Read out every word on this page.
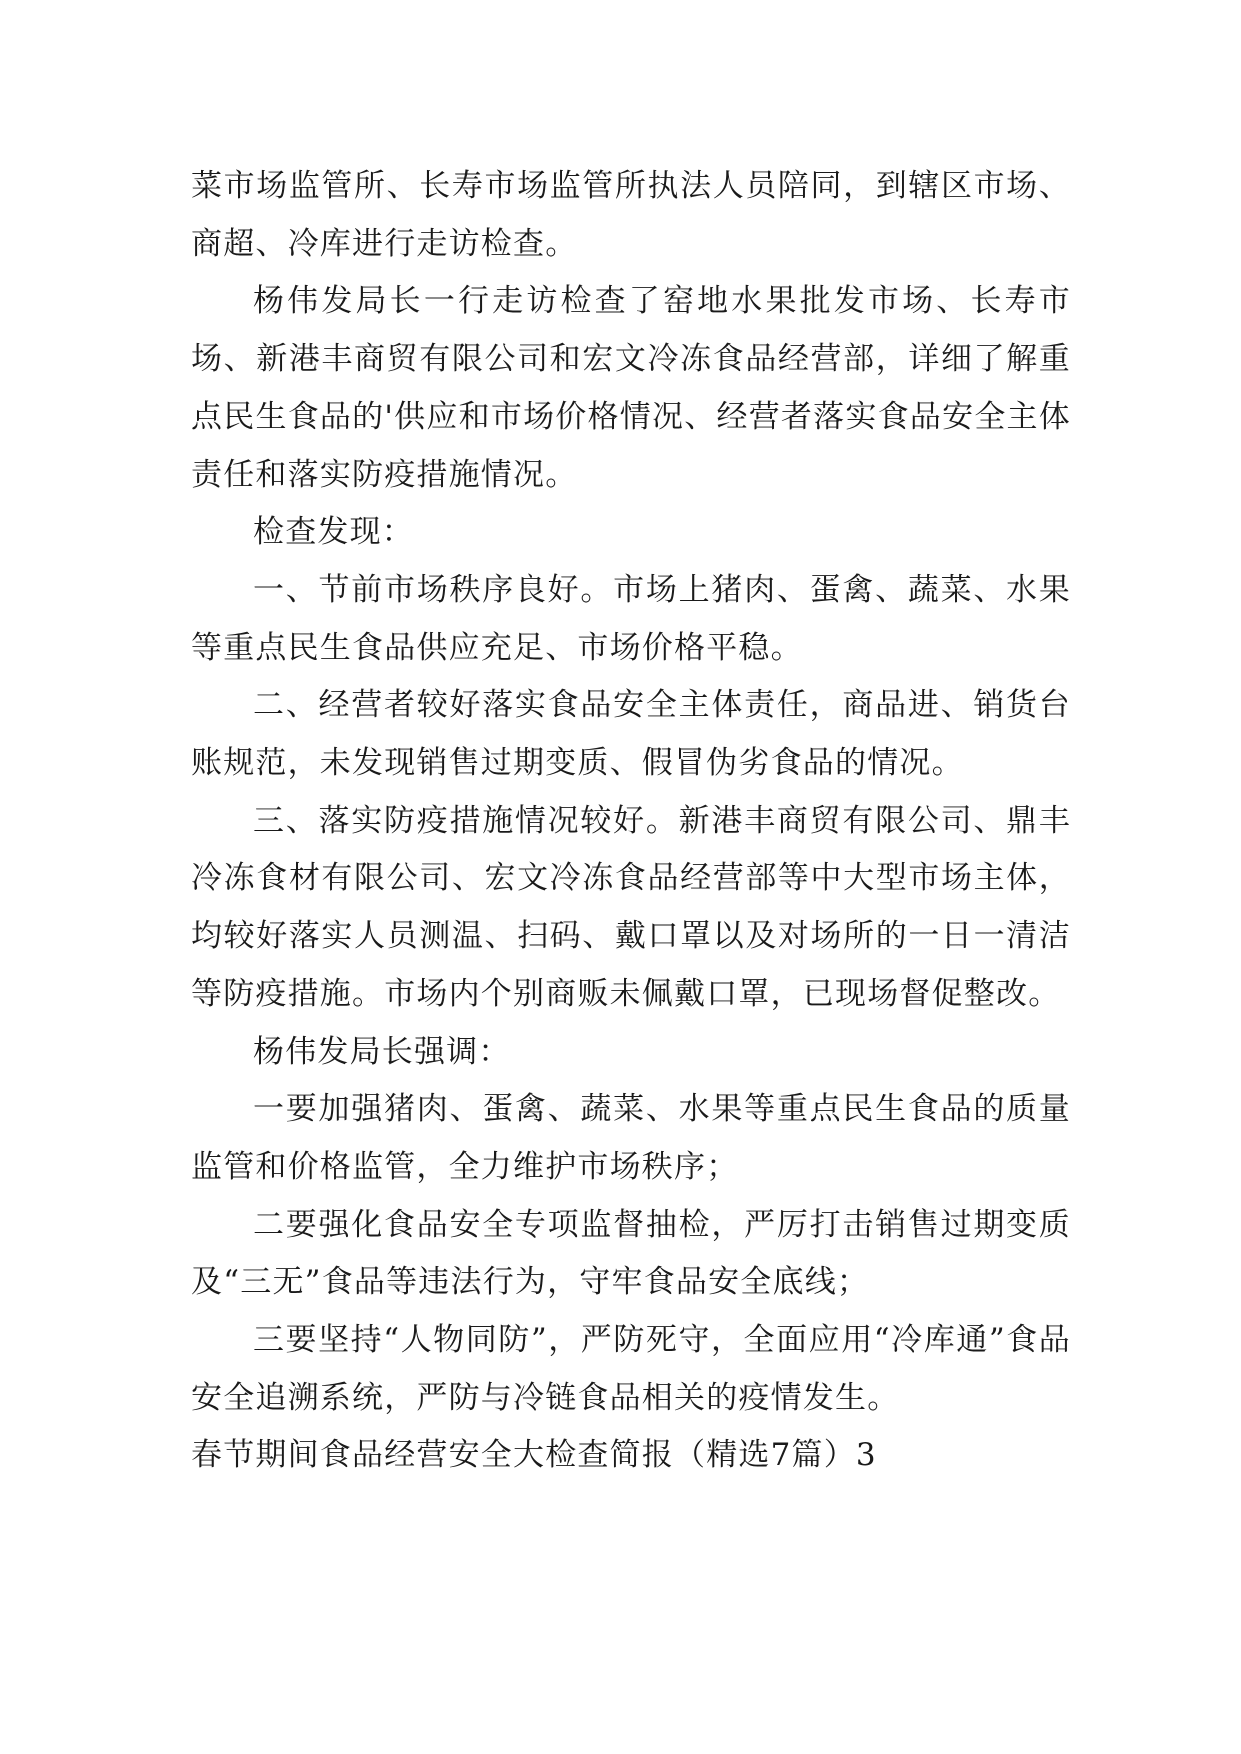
菜市场监管所、长寿市场监管所执法人员陪同，到辖区市场、商超、冷库进行走访检查。

杨伟发局长一行走访检查了窑地水果批发市场、长寿市场、新港丰商贸有限公司和宏文冷冻食品经营部，详细了解重点民生食品的'供应和市场价格情况、经营者落实食品安全主体责任和落实防疫措施情况。

检查发现：

一、节前市场秩序良好。市场上猪肉、蛋禽、蔬菜、水果等重点民生食品供应充足、市场价格平稳。

二、经营者较好落实食品安全主体责任，商品进、销货台账规范，未发现销售过期变质、假冒伪劣食品的情况。

三、落实防疫措施情况较好。新港丰商贸有限公司、鼎丰冷冻食材有限公司、宏文冷冻食品经营部等中大型市场主体，均较好落实人员测温、扫码、戴口罩以及对场所的一日一清洁等防疫措施。市场内个别商贩未佩戴口罩，已现场督促整改。

杨伟发局长强调：

一要加强猪肉、蛋禽、蔬菜、水果等重点民生食品的质量监管和价格监管，全力维护市场秩序；

二要强化食品安全专项监督抽检，严厉打击销售过期变质及“三无”食品等违法行为，守牢食品安全底线；

三要坚持“人物同防”，严防死守，全面应用“冷库通”食品安全追溯系统，严防与冷链食品相关的疫情发生。

春节期间食品经营安全大检查简报（精选7篇）3
